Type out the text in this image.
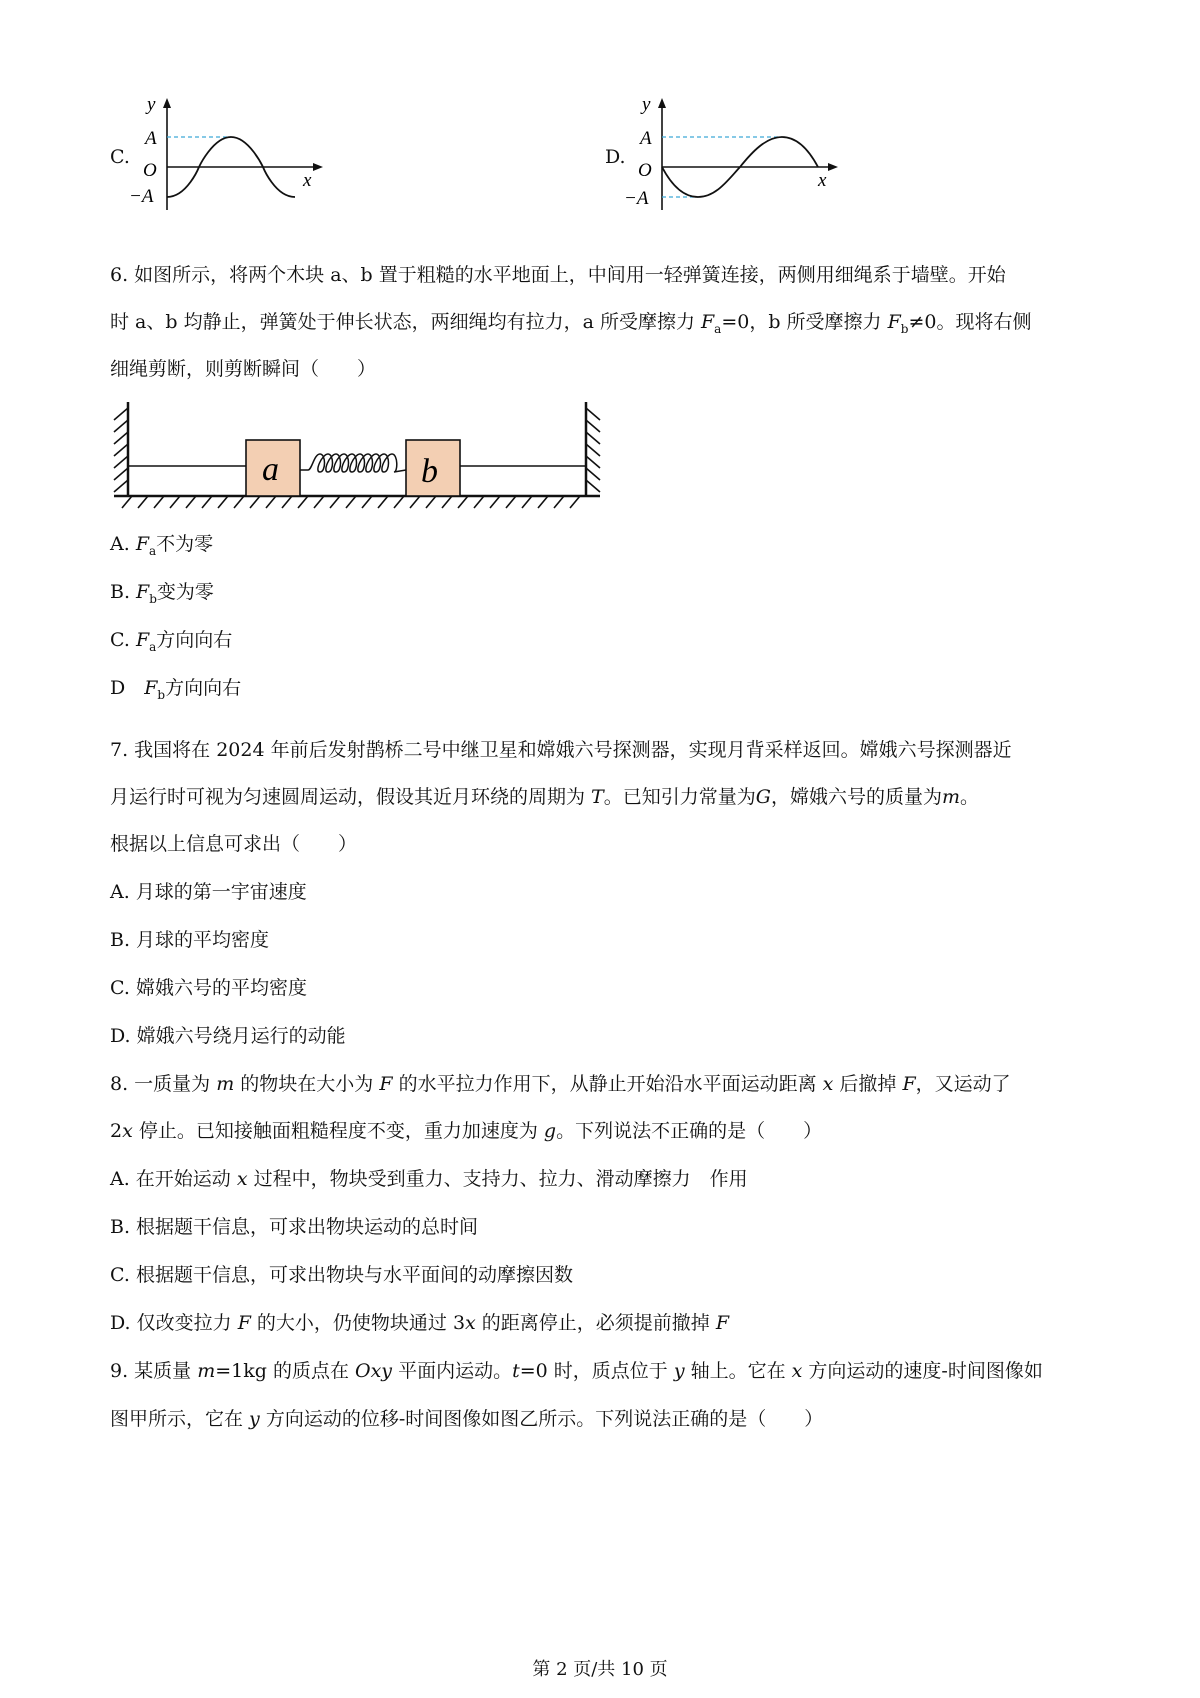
C.
y
A
O
−A
x
D.
y
A
O
−A
x
6. 如图所示，将两个木块 a、b 置于粗糙的水平地面上，中间用一轻弹簧连接，两侧用细绳系于墙壁。开始
时 a、b 均静止，弹簧处于伸长状态，两细绳均有拉力，a 所受摩擦力 $F_a=0$，b 所受摩擦力 $F_b\ne 0$。现将右侧
细绳剪断，则剪断瞬间（　　）
a	b
A. $F_a$不为零
B. $F_b$变为零
C. $F_a$方向向右
D　$F_b$方向向右
7. 我国将在 2024 年前后发射鹊桥二号中继卫星和嫦娥六号探测器，实现月背采样返回。嫦娥六号探测器近
月运行时可视为匀速圆周运动，假设其近月环绕的周期为 T。已知引力常量为G，嫦娥六号的质量为m。
根据以上信息可求出（　　）
A. 月球的第一宇宙速度
B. 月球的平均密度
C. 嫦娥六号的平均密度
D. 嫦娥六号绕月运行的动能
8. 一质量为 m 的物块在大小为 F 的水平拉力作用下，从静止开始沿水平面运动距离 x 后撤掉 F，又运动了
2x 停止。已知接触面粗糙程度不变，重力加速度为 g。下列说法不正确的是（　　）
A. 在开始运动 x 过程中，物块受到重力、支持力、拉力、滑动摩擦力　作用
B. 根据题干信息，可求出物块运动的总时间
C. 根据题干信息，可求出物块与水平面间的动摩擦因数
D. 仅改变拉力 F 的大小，仍使物块通过 3x 的距离停止，必须提前撤掉 F
9. 某质量 m=1kg 的质点在 Oxy 平面内运动。t=0 时，质点位于 y 轴上。它在 x 方向运动的速度-时间图像如
图甲所示，它在 y 方向运动的位移-时间图像如图乙所示。下列说法正确的是（　　）
第 2 页/共 10 页
